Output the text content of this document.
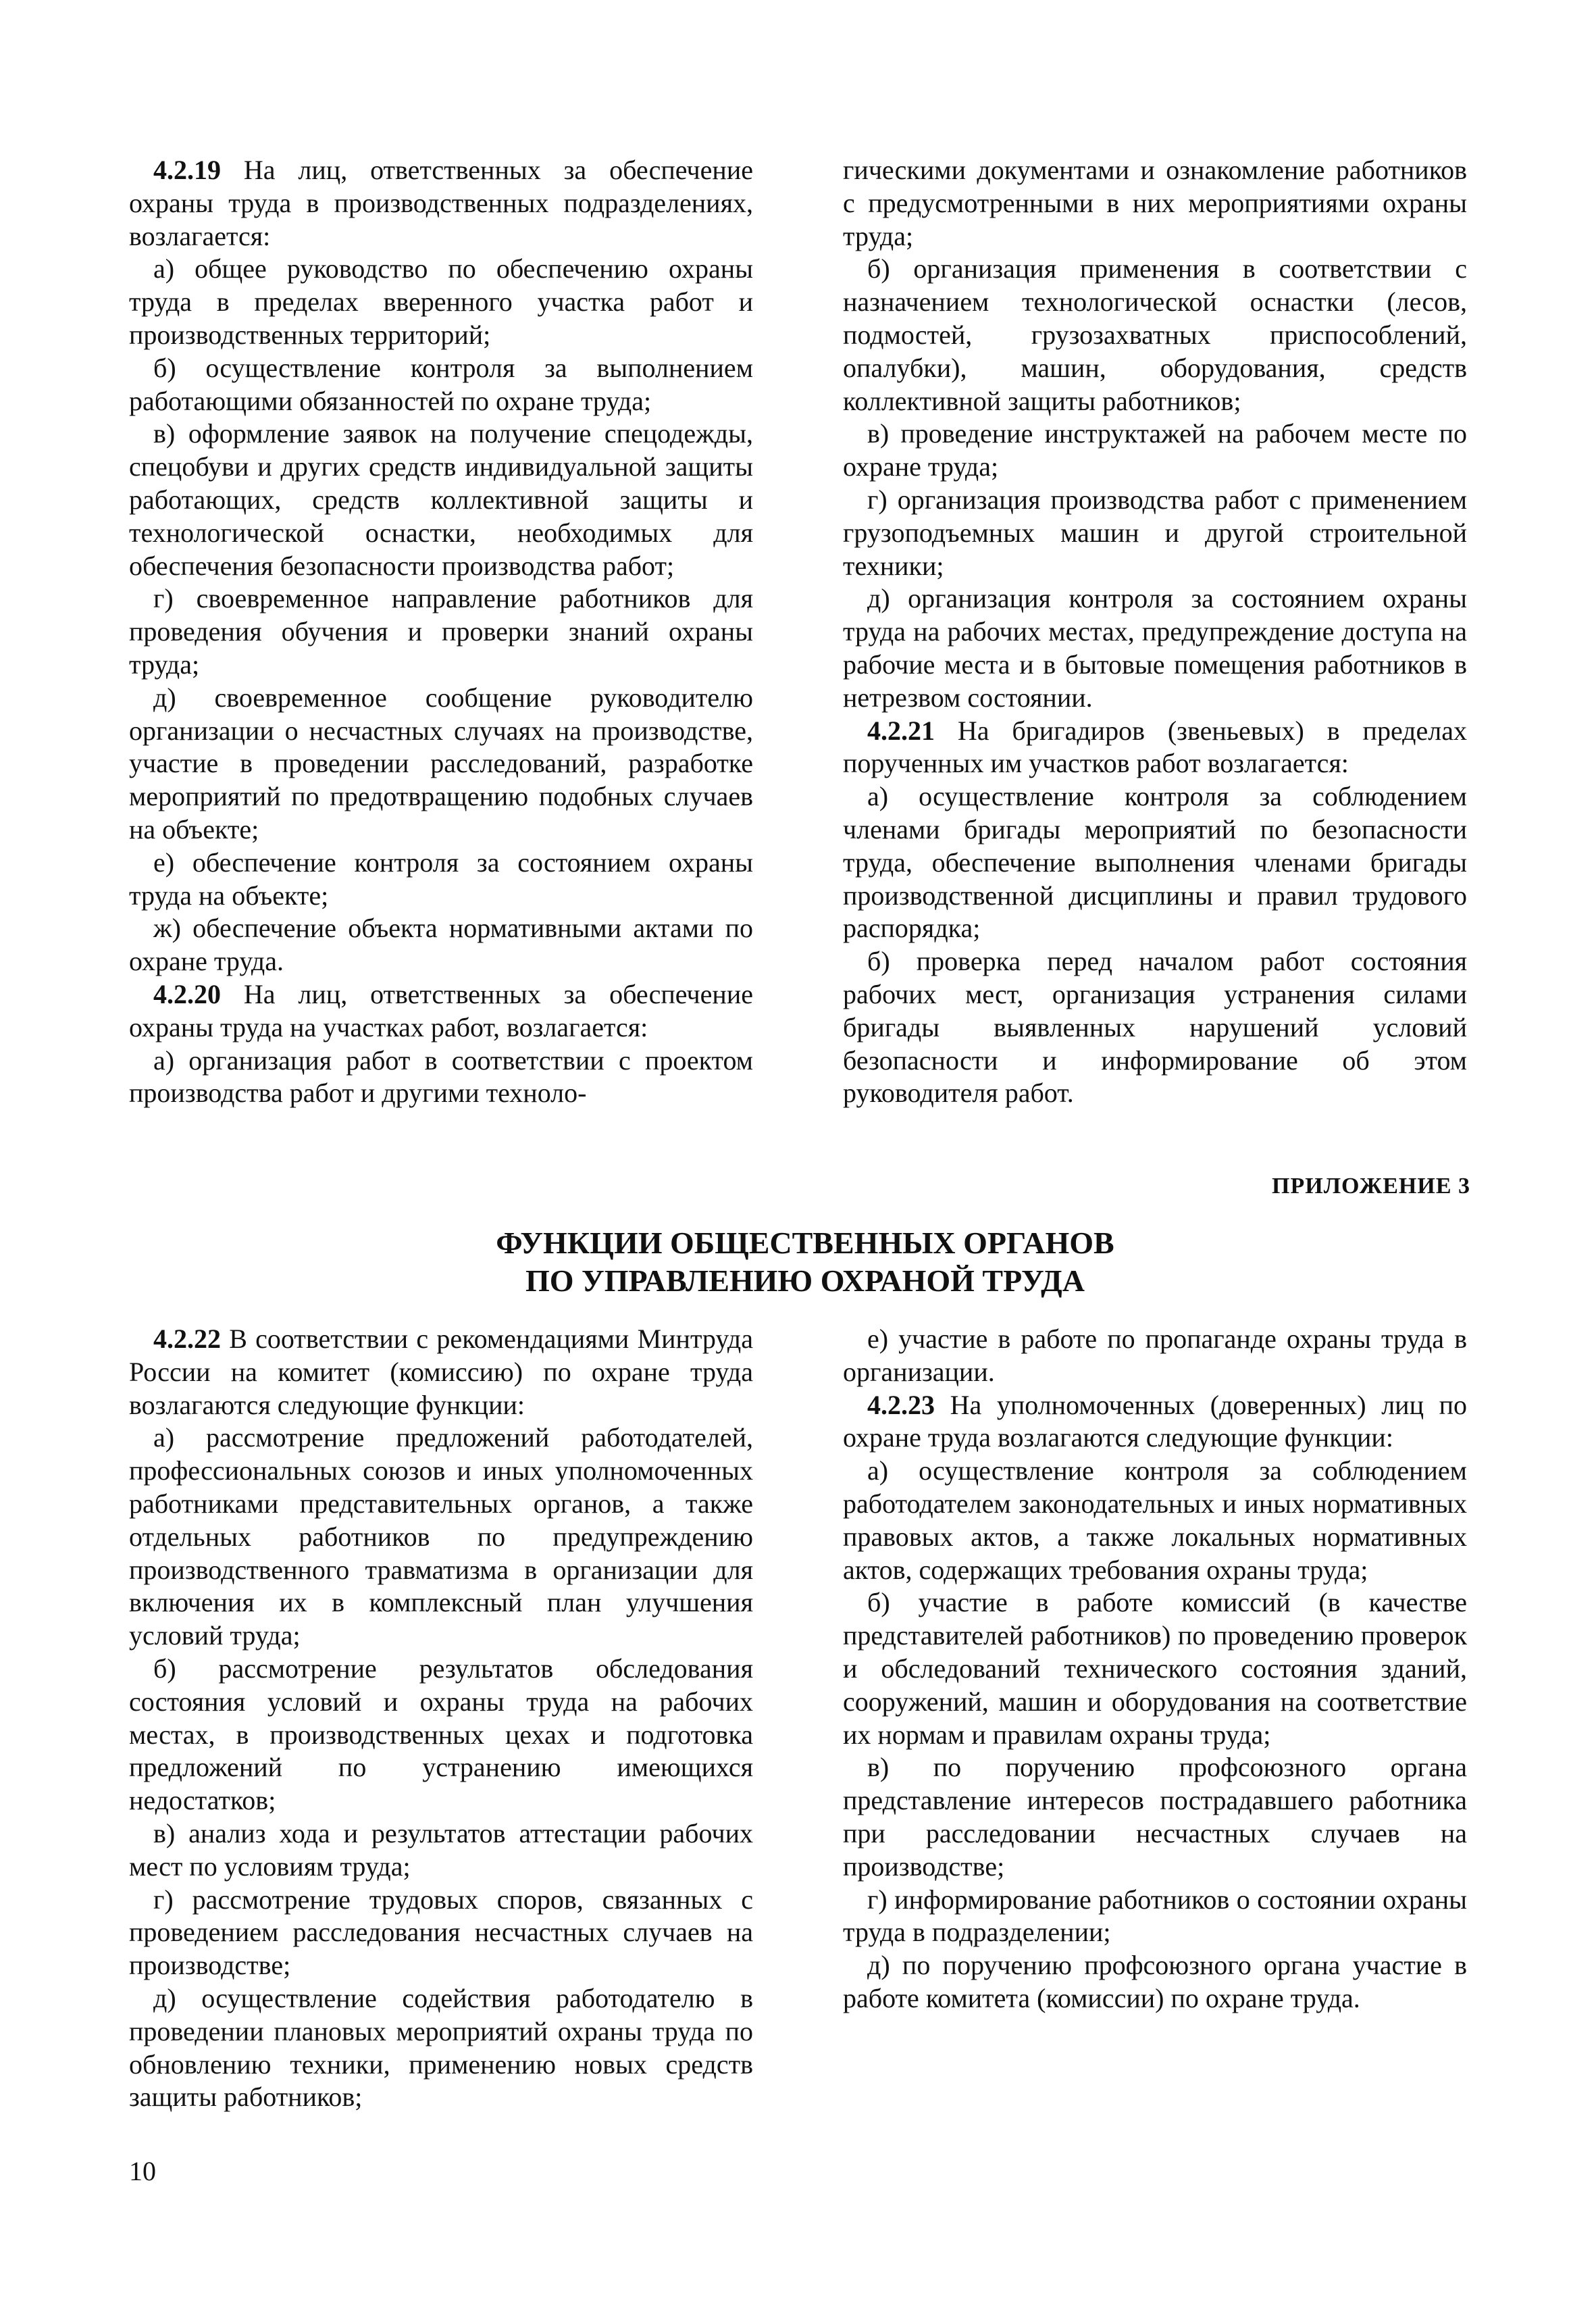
4.2.19 На лиц, ответственных за обеспечение охраны труда в производственных подразделениях, возлагается:

а) общее руководство по обеспечению охраны труда в пределах вверенного участка работ и производственных территорий;

б) осуществление контроля за выполнением работающими обязанностей по охране труда;

в) оформление заявок на получение спецодежды, спецобуви и других средств индивидуальной защиты работающих, средств коллективной защиты и технологической оснастки, необходимых для обеспечения безопасности производства работ;

г) своевременное направление работников для проведения обучения и проверки знаний охраны труда;

д) своевременное сообщение руководителю организации о несчастных случаях на производстве, участие в проведении расследований, разработке мероприятий по предотвращению подобных случаев на объекте;

е) обеспечение контроля за состоянием охраны труда на объекте;

ж) обеспечение объекта нормативными актами по охране труда.

4.2.20 На лиц, ответственных за обеспечение охраны труда на участках работ, возлагается:

а) организация работ в соответствии с проектом производства работ и другими техноло-

гическими документами и ознакомление работников с предусмотренными в них мероприятиями охраны труда;

б) организация применения в соответствии с назначением технологической оснастки (лесов, подмостей, грузозахватных приспособлений, опалубки), машин, оборудования, средств коллективной защиты работников;

в) проведение инструктажей на рабочем месте по охране труда;

г) организация производства работ с применением грузоподъемных машин и другой строительной техники;

д) организация контроля за состоянием охраны труда на рабочих местах, предупреждение доступа на рабочие места и в бытовые помещения работников в нетрезвом состоянии.

4.2.21 На бригадиров (звеньевых) в пределах порученных им участков работ возлагается:

а) осуществление контроля за соблюдением членами бригады мероприятий по безопасности труда, обеспечение выполнения членами бригады производственной дисциплины и правил трудового распорядка;

б) проверка перед началом работ состояния рабочих мест, организация устранения силами бригады выявленных нарушений условий безопасности и информирование об этом руководителя работ.

ПРИЛОЖЕНИЕ 3
ФУНКЦИИ ОБЩЕСТВЕННЫХ ОРГАНОВ
ПО УПРАВЛЕНИЮ ОХРАНОЙ ТРУДА

4.2.22 В соответствии с рекомендациями Минтруда России на комитет (комиссию) по охране труда возлагаются следующие функции:

а) рассмотрение предложений работодателей, профессиональных союзов и иных уполномоченных работниками представительных органов, а также отдельных работников по предупреждению производственного травматизма в организации для включения их в комплексный план улучшения условий труда;

б) рассмотрение результатов обследования состояния условий и охраны труда на рабочих местах, в производственных цехах и подготовка предложений по устранению имеющихся недостатков;

в) анализ хода и результатов аттестации рабочих мест по условиям труда;

г) рассмотрение трудовых споров, связанных с проведением расследования несчастных случаев на производстве;

д) осуществление содействия работодателю в проведении плановых мероприятий охраны труда по обновлению техники, применению новых средств защиты работников;

е) участие в работе по пропаганде охраны труда в организации.

4.2.23 На уполномоченных (доверенных) лиц по охране труда возлагаются следующие функции:

а) осуществление контроля за соблюдением работодателем законодательных и иных нормативных правовых актов, а также локальных нормативных актов, содержащих требования охраны труда;

б) участие в работе комиссий (в качестве представителей работников) по проведению проверок и обследований технического состояния зданий, сооружений, машин и оборудования на соответствие их нормам и правилам охраны труда;

в) по поручению профсоюзного органа представление интересов пострадавшего работника при расследовании несчастных случаев на производстве;

г) информирование работников о состоянии охраны труда в подразделении;

д) по поручению профсоюзного органа участие в работе комитета (комиссии) по охране труда.

10
